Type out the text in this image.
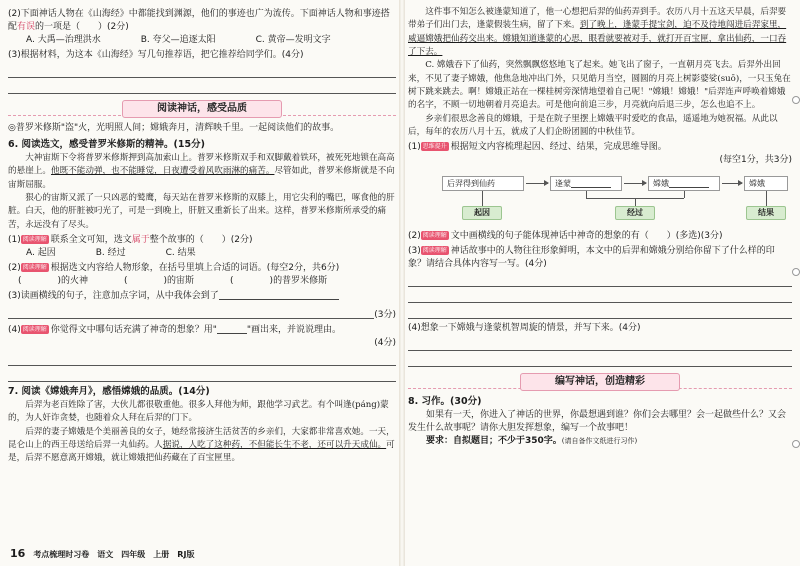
(2)下面神话人物在《山海经》中都能找到渊源，他们的事迹也广为流传。下面神话人物和事迹搭配有误的一项是（　　）(2分)

A. 大禹—治理洪水	B. 夸父—追逐太阳	C. 黄帝—发明文字

(3)根据材料，为这本《山海经》写几句推荐语，把它推荐给同学们。(4分)

阅读神话，感受品质

◎普罗米修斯"盗"火，光明照人间；嫦娥奔月，清辉映千里。一起阅读他们的故事。

6. 阅读选文，感受普罗米修斯的精神。(15分)

大神宙斯下令将普罗米修斯押到高加索山上。普罗米修斯双手和双脚戴着铁环，被死死地锁在高高的悬崖上。他既不能动弹，也不能睡觉，日夜遭受着风吹雨淋的痛苦。尽管如此，普罗米修斯就是不向宙斯屈服。

狠心的宙斯又派了一只凶恶的鹫鹰，每天站在普罗米修斯的双膝上，用它尖利的嘴巴，啄食他的肝脏。白天，他的肝脏被叼光了，可是一到晚上，肝脏又重新长了出来。这样，普罗米修斯所承受的痛苦，永远没有了尽头。

(1) 阅读理解 联系全文可知，选文属于整个故事的（　　）(2分)

A. 起因	B. 经过	C. 结果

(2) 阅读理解 根据选文内容给人物形象，在括号里填上合适的词语。(每空2分，共6分)

(　　　　)的火神　　　　(　　　　)的宙斯　　　　(　　　　)的普罗米修斯

(3)读画横线的句子，注意加点字词，从中我体会到了

(3分)

(4) 阅读理解 你觉得文中哪句话充满了神奇的想象？用"	"画出来，并说说理由。

(4分)

7. 阅读《嫦娥奔月》，感悟嫦娥的品质。(14分)

后羿为老百姓除了害，大伙儿都很敬重他。很多人拜他为师，跟他学习武艺。有个叫逢(páng)蒙的，为人奸诈贪婪，也随着众人拜在后羿的门下。

后羿的妻子嫦娥是个美丽善良的女子，她经常接济生活贫苦的乡亲们，大家都非常喜欢她。一天，昆仑山上的西王母送给后羿一丸仙药。人据说，人吃了这种药，不但能长生不老，还可以升天成仙。可是，后羿不愿意离开嫦娥，就让嫦娥把仙药藏在了百宝匣里。

16 考点梳理时习卷　语文　四年级　上册　RJ版

这件事不知怎么被逢蒙知道了，他一心想把后羿的仙药弄到手。农历八月十五这天早晨，后羿要带弟子们出门去，逢蒙假装生病，留了下来。到了晚上，逢蒙手提宝剑，迫不及待地闯进后羿家里，威逼嫦娥把仙药交出来。嫦娥知道逢蒙的心思，眼看就要被对手，就打开百宝匣，拿出仙药，一口吞了下去。

C. 嫦娥吞下了仙药，突然飘飘悠悠地飞了起来。她飞出了窗子，一直朝月亮飞去。后羿外出回来，不见了妻子嫦娥，他焦急地冲出门外，只见皓月当空，圆圆的月亮上树影婆娑(suō)，一只玉兔在树下跳来跳去。啊！嫦娥正站在一棵桂树旁深情地望着自己呢！"嫦娥！嫦娥！"后羿连声呼唤着嫦娥的名字，不顾一切地朝着月亮追去。可是他向前追三步，月亮就向后退三步，怎么也追不上。

乡亲们很思念善良的嫦娥，于是在院子里摆上嫦娥平时爱吃的食品，遥遥地为她祝福。从此以后，每年的农历八月十五，就成了人们企盼团圆的中秋佳节。

(1) 思维提升 根据短文内容梳理起因、经过、结果，完成思维导图。

(每空1分，共3分)

后羿得到仙药	逢蒙	嫦娥	嫦娥
起因	经过	结果

(2) 阅读理解 文中画横线的句子能体现神话中神奇的想象的有（　　）(多选)(3分)

(3) 阅读理解 神话故事中的人物往往形象鲜明，本文中的后羿和嫦娥分别给你留下了什么样的印象？请结合具体内容写一写。(4分)

(4)想象一下嫦娥与逢蒙机智周旋的情景，并写下来。(4分)

编写神话，创造精彩

8. 习作。(30分)

如果有一天，你进入了神话的世界，你最想遇到谁？你们会去哪里？会一起做些什么？又会发生什么故事呢？请你大胆发挥想象，编写一个故事吧！

要求：自拟题目；不少于350字。(请自备作文纸进行习作)
